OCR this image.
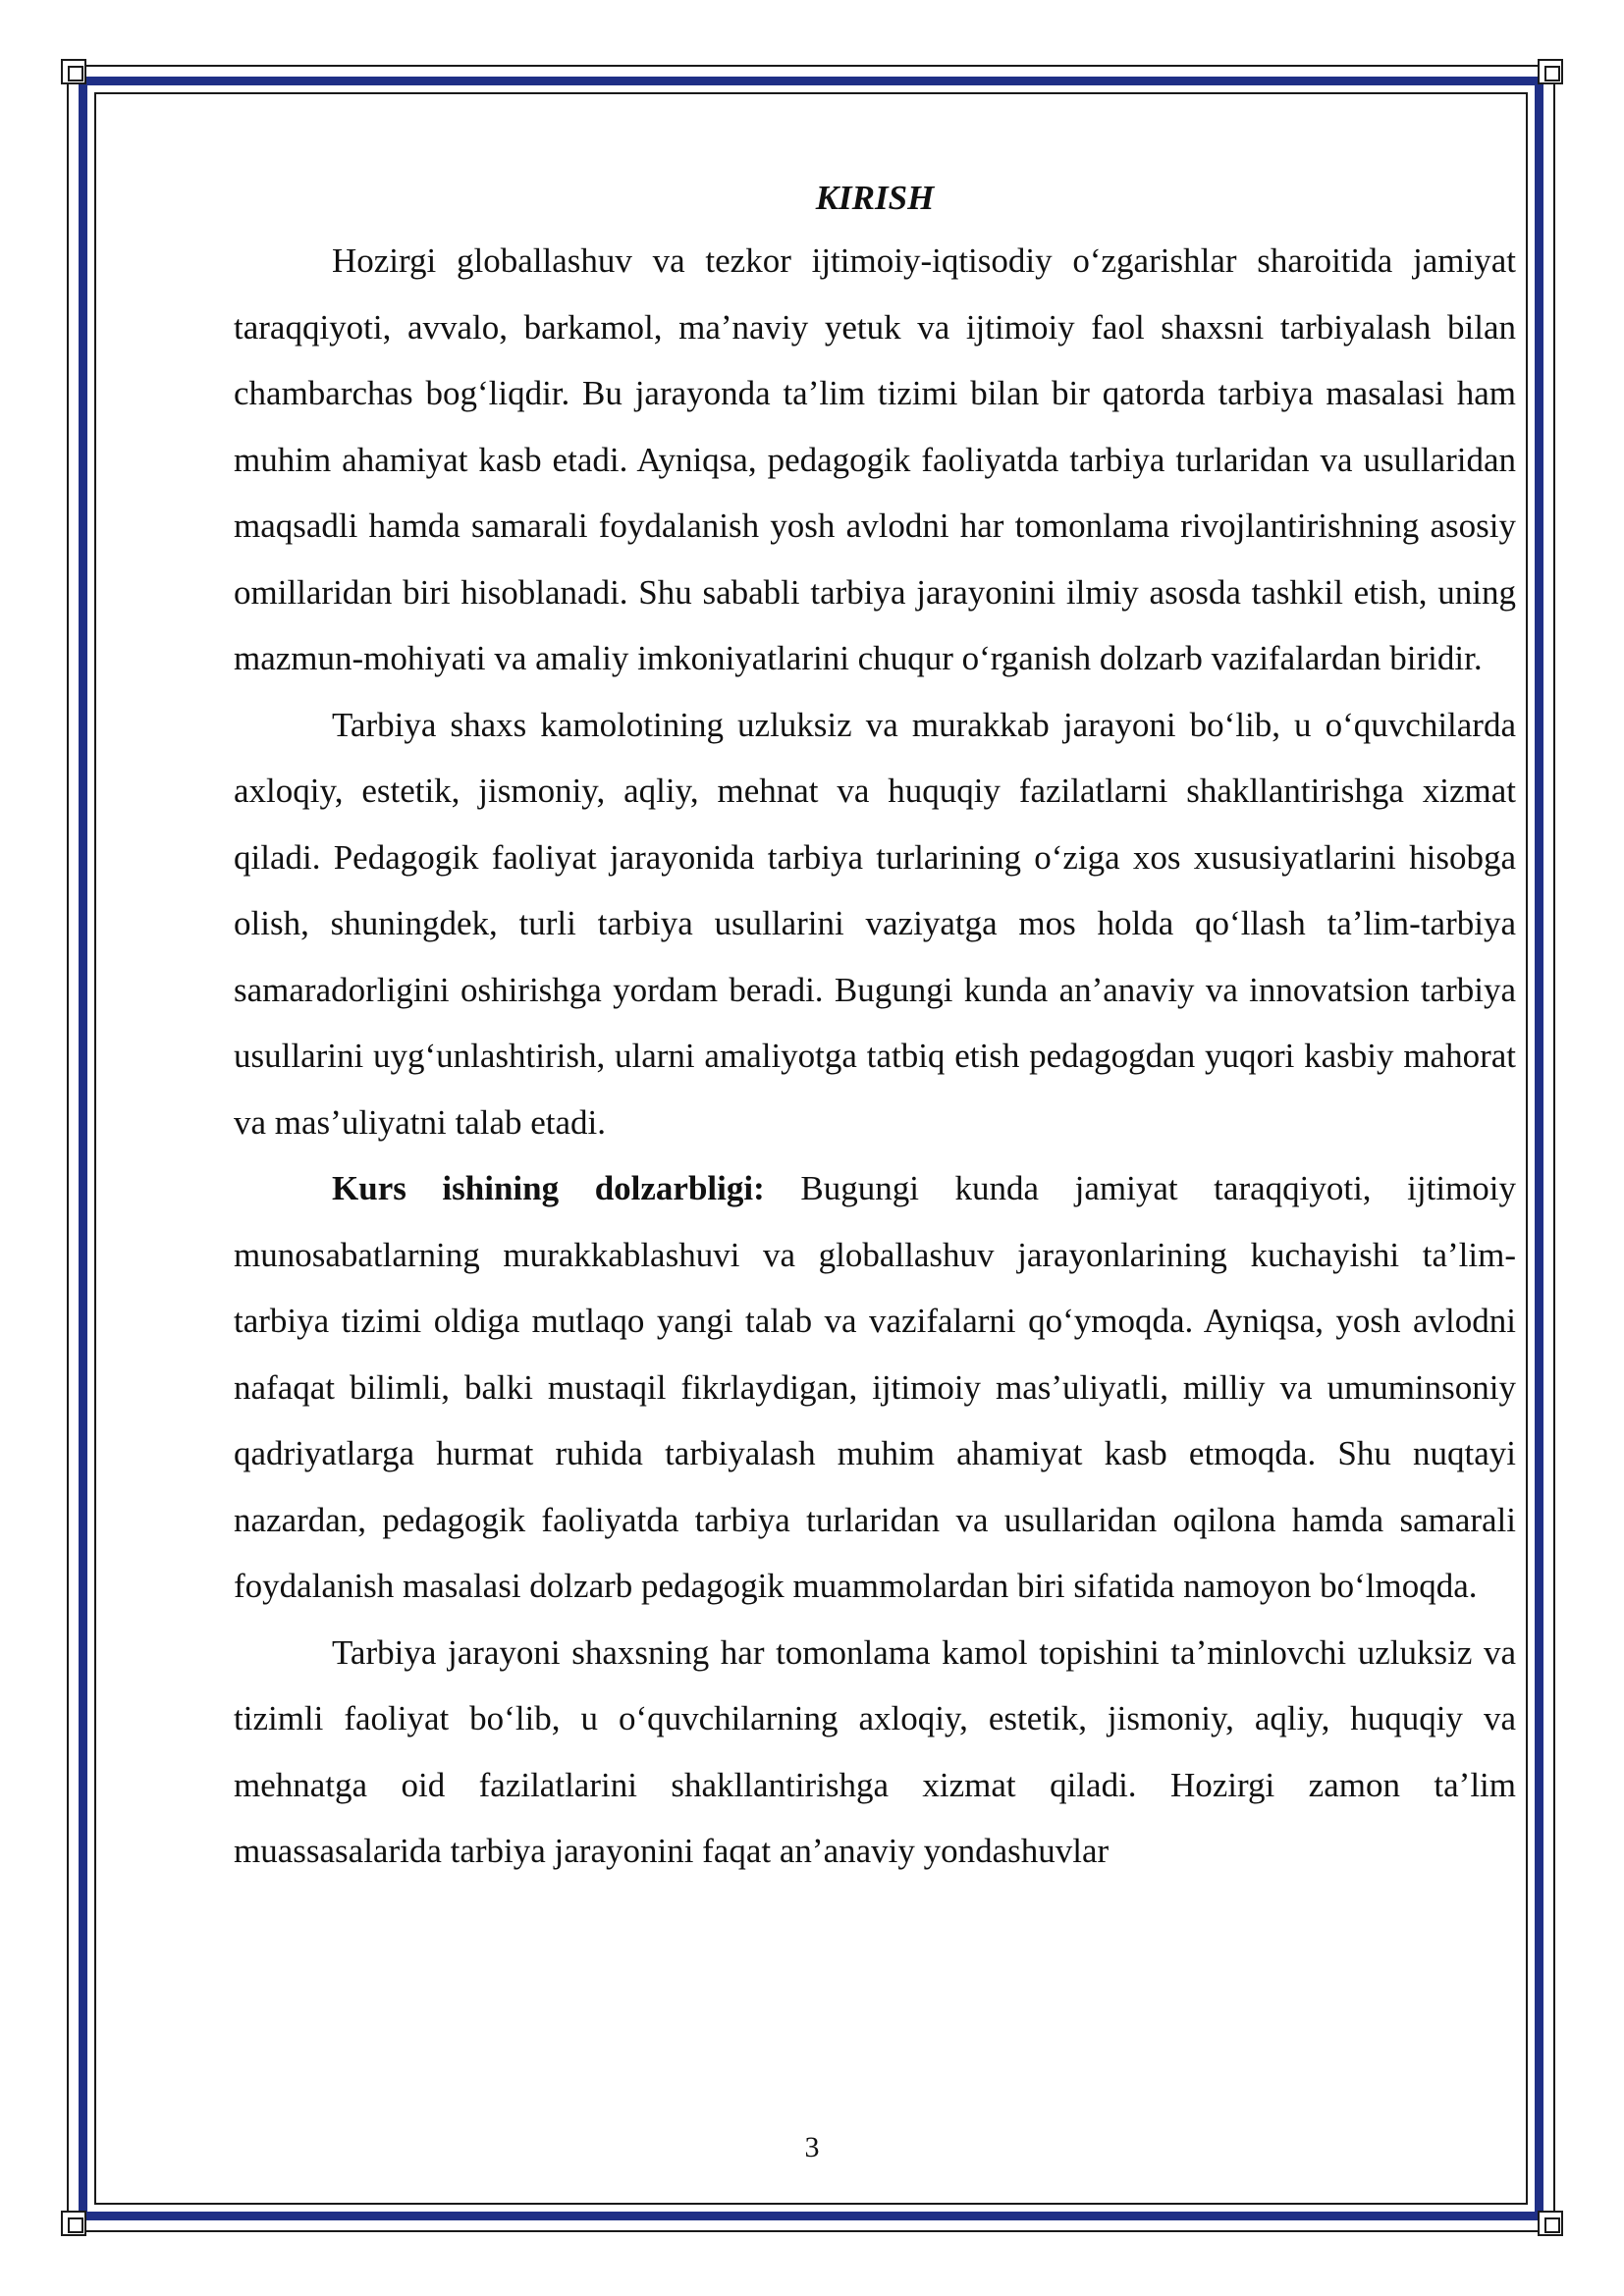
KIRISH

Hozirgi globallashuv va tezkor ijtimoiy-iqtisodiy oʻzgarishlar sharoitida jamiyat taraqqiyoti, avvalo, barkamol, maʼnaviy yetuk va ijtimoiy faol shaxsni tarbiyalash bilan chambarchas bogʻliqdir. Bu jarayonda taʼlim tizimi bilan bir qatorda tarbiya masalasi ham muhim ahamiyat kasb etadi. Ayniqsa, pedagogik faoliyatda tarbiya turlaridan va usullaridan maqsadli hamda samarali foydalanish yosh avlodni har tomonlama rivojlantirishning asosiy omillaridan biri hisoblanadi. Shu sababli tarbiya jarayonini ilmiy asosda tashkil etish, uning mazmun-mohiyati va amaliy imkoniyatlarini chuqur oʻrganish dolzarb vazifalardan biridir.

Tarbiya shaxs kamolotining uzluksiz va murakkab jarayoni boʻlib, u oʻquvchilarda axloqiy, estetik, jismoniy, aqliy, mehnat va huquqiy fazilatlarni shakllantirishga xizmat qiladi. Pedagogik faoliyat jarayonida tarbiya turlarining oʻziga xos xususiyatlarini hisobga olish, shuningdek, turli tarbiya usullarini vaziyatga mos holda qoʻllash taʼlim-tarbiya samaradorligini oshirishga yordam beradi. Bugungi kunda anʼanaviy va innovatsion tarbiya usullarini uygʻunlashtirish, ularni amaliyotga tatbiq etish pedagogdan yuqori kasbiy mahorat va masʼuliyatni talab etadi.

Kurs ishining dolzarbligi: Bugungi kunda jamiyat taraqqiyoti, ijtimoiy munosabatlarning murakkablashuvi va globallashuv jarayonlarining kuchayishi taʼlim-tarbiya tizimi oldiga mutlaqo yangi talab va vazifalarni qoʻymoqda. Ayniqsa, yosh avlodni nafaqat bilimli, balki mustaqil fikrlaydigan, ijtimoiy masʼuliyatli, milliy va umuminsoniy qadriyatlarga hurmat ruhida tarbiyalash muhim ahamiyat kasb etmoqda. Shu nuqtayi nazardan, pedagogik faoliyatda tarbiya turlaridan va usullaridan oqilona hamda samarali foydalanish masalasi dolzarb pedagogik muammolardan biri sifatida namoyon boʻlmoqda.

Tarbiya jarayoni shaxsning har tomonlama kamol topishini taʼminlovchi uzluksiz va tizimli faoliyat boʻlib, u oʻquvchilarning axloqiy, estetik, jismoniy, aqliy, huquqiy va mehnatga oid fazilatlarini shakllantirishga xizmat qiladi. Hozirgi zamon taʼlim muassasalarida tarbiya jarayonini faqat anʼanaviy yondashuvlar

3
